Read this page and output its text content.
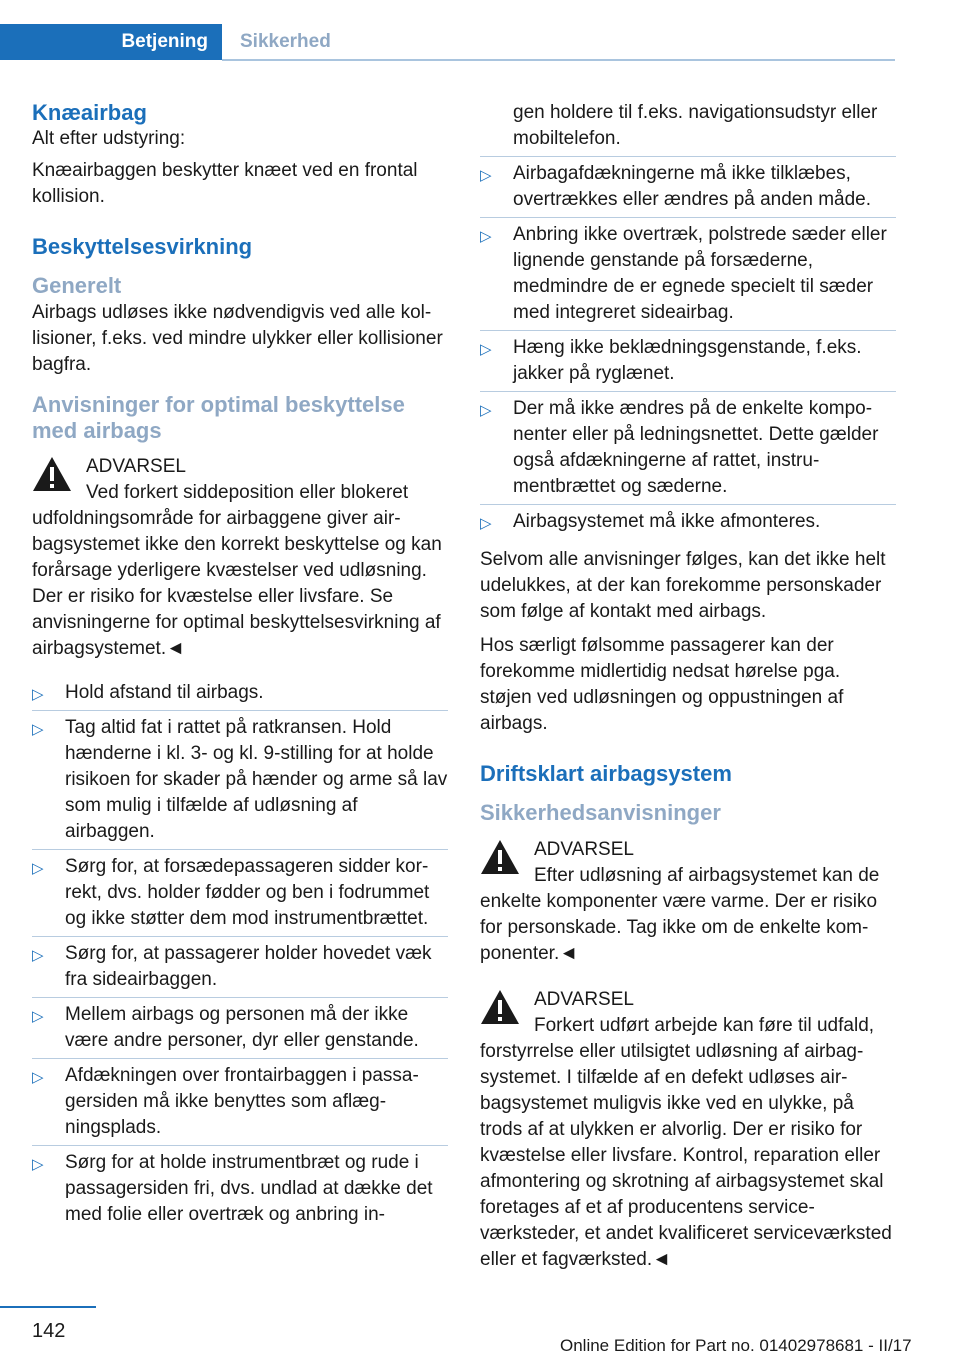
Betjening	Sikkerhed
Knæairbag

Alt efter udstyring:

Knæairbaggen beskytter knæet ved en frontal kollision.

Beskyttelsesvirkning
Generelt

Airbags udløses ikke nødvendigvis ved alle kollisioner, f.eks. ved mindre ulykker eller kollisioner bagfra.

Anvisninger for optimal beskyttelse med airbags
ADVARSEL
Ved forkert siddeposition eller blokeret
udfoldningsområde for airbaggene giver airbagsystemet ikke den korrekt beskyttelse og kan forårsage yderligere kvæstelser ved udløsning. Der er risiko for kvæstelse eller livsfare. Se anvisningerne for optimal beskyttelsesvirkning af airbagsystemet.◄
▷ Hold afstand til airbags.
▷ Tag altid fat i rattet på ratkransen. Hold hænderne i kl. 3- og kl. 9-stilling for at holde risikoen for skader på hænder og arme så lav som mulig i tilfælde af udløsning af airbaggen.
▷ Sørg for, at forsædepassageren sidder korrekt, dvs. holder fødder og ben i fodrummet og ikke støtter dem mod instrumentbrættet.
▷ Sørg for, at passagerer holder hovedet væk fra sideairbaggen.
▷ Mellem airbags og personen må der ikke være andre personer, dyr eller genstande.
▷ Afdækningen over frontairbaggen i passagersiden må ikke benyttes som aflægningsplads.
▷ Sørg for at holde instrumentbræt og rude i passagersiden fri, dvs. undlad at dække det med folie eller overtræk og anbring in-
gen holdere til f.eks. navigationsudstyr eller mobiltelefon.
▷ Airbagafdækningerne må ikke tilklæbes, overtrækkes eller ændres på anden måde.
▷ Anbring ikke overtræk, polstrede sæder eller lignende genstande på forsæderne, medmindre de er egnede specielt til sæder med integreret sideairbag.
▷ Hæng ikke beklædningsgenstande, f.eks. jakker på ryglænet.
▷ Der må ikke ændres på de enkelte komponenter eller på ledningsnettet. Dette gælder også afdækningerne af rattet, instrumentbrættet og sæderne.
▷ Airbagsystemet må ikke afmonteres.

Selvom alle anvisninger følges, kan det ikke helt udelukkes, at der kan forekomme personskader som følge af kontakt med airbags.

Hos særligt følsomme passagerer kan der forekomme midlertidig nedsat hørelse pga. støjen ved udløsningen og oppustningen af airbags.

Driftsklart airbagsystem
Sikkerhedsanvisninger
ADVARSEL
Efter udløsning af airbagsystemet kan de
enkelte komponenter være varme. Der er risiko for personskade. Tag ikke om de enkelte komponenter.◄
ADVARSEL
Forkert udført arbejde kan føre til udfald,
forstyrrelse eller utilsigtet udløsning af airbagsystemet. I tilfælde af en defekt udløses airbagsystemet muligvis ikke ved en ulykke, på trods af at ulykken er alvorlig. Der er risiko for kvæstelse eller livsfare. Kontrol, reparation eller afmontering og skrotning af airbagsystemet skal foretages af et af producentens serviceværksteder, et andet kvalificeret serviceværksted eller et fagværksted.◄
142
Online Edition for Part no. 01402978681 - II/17
